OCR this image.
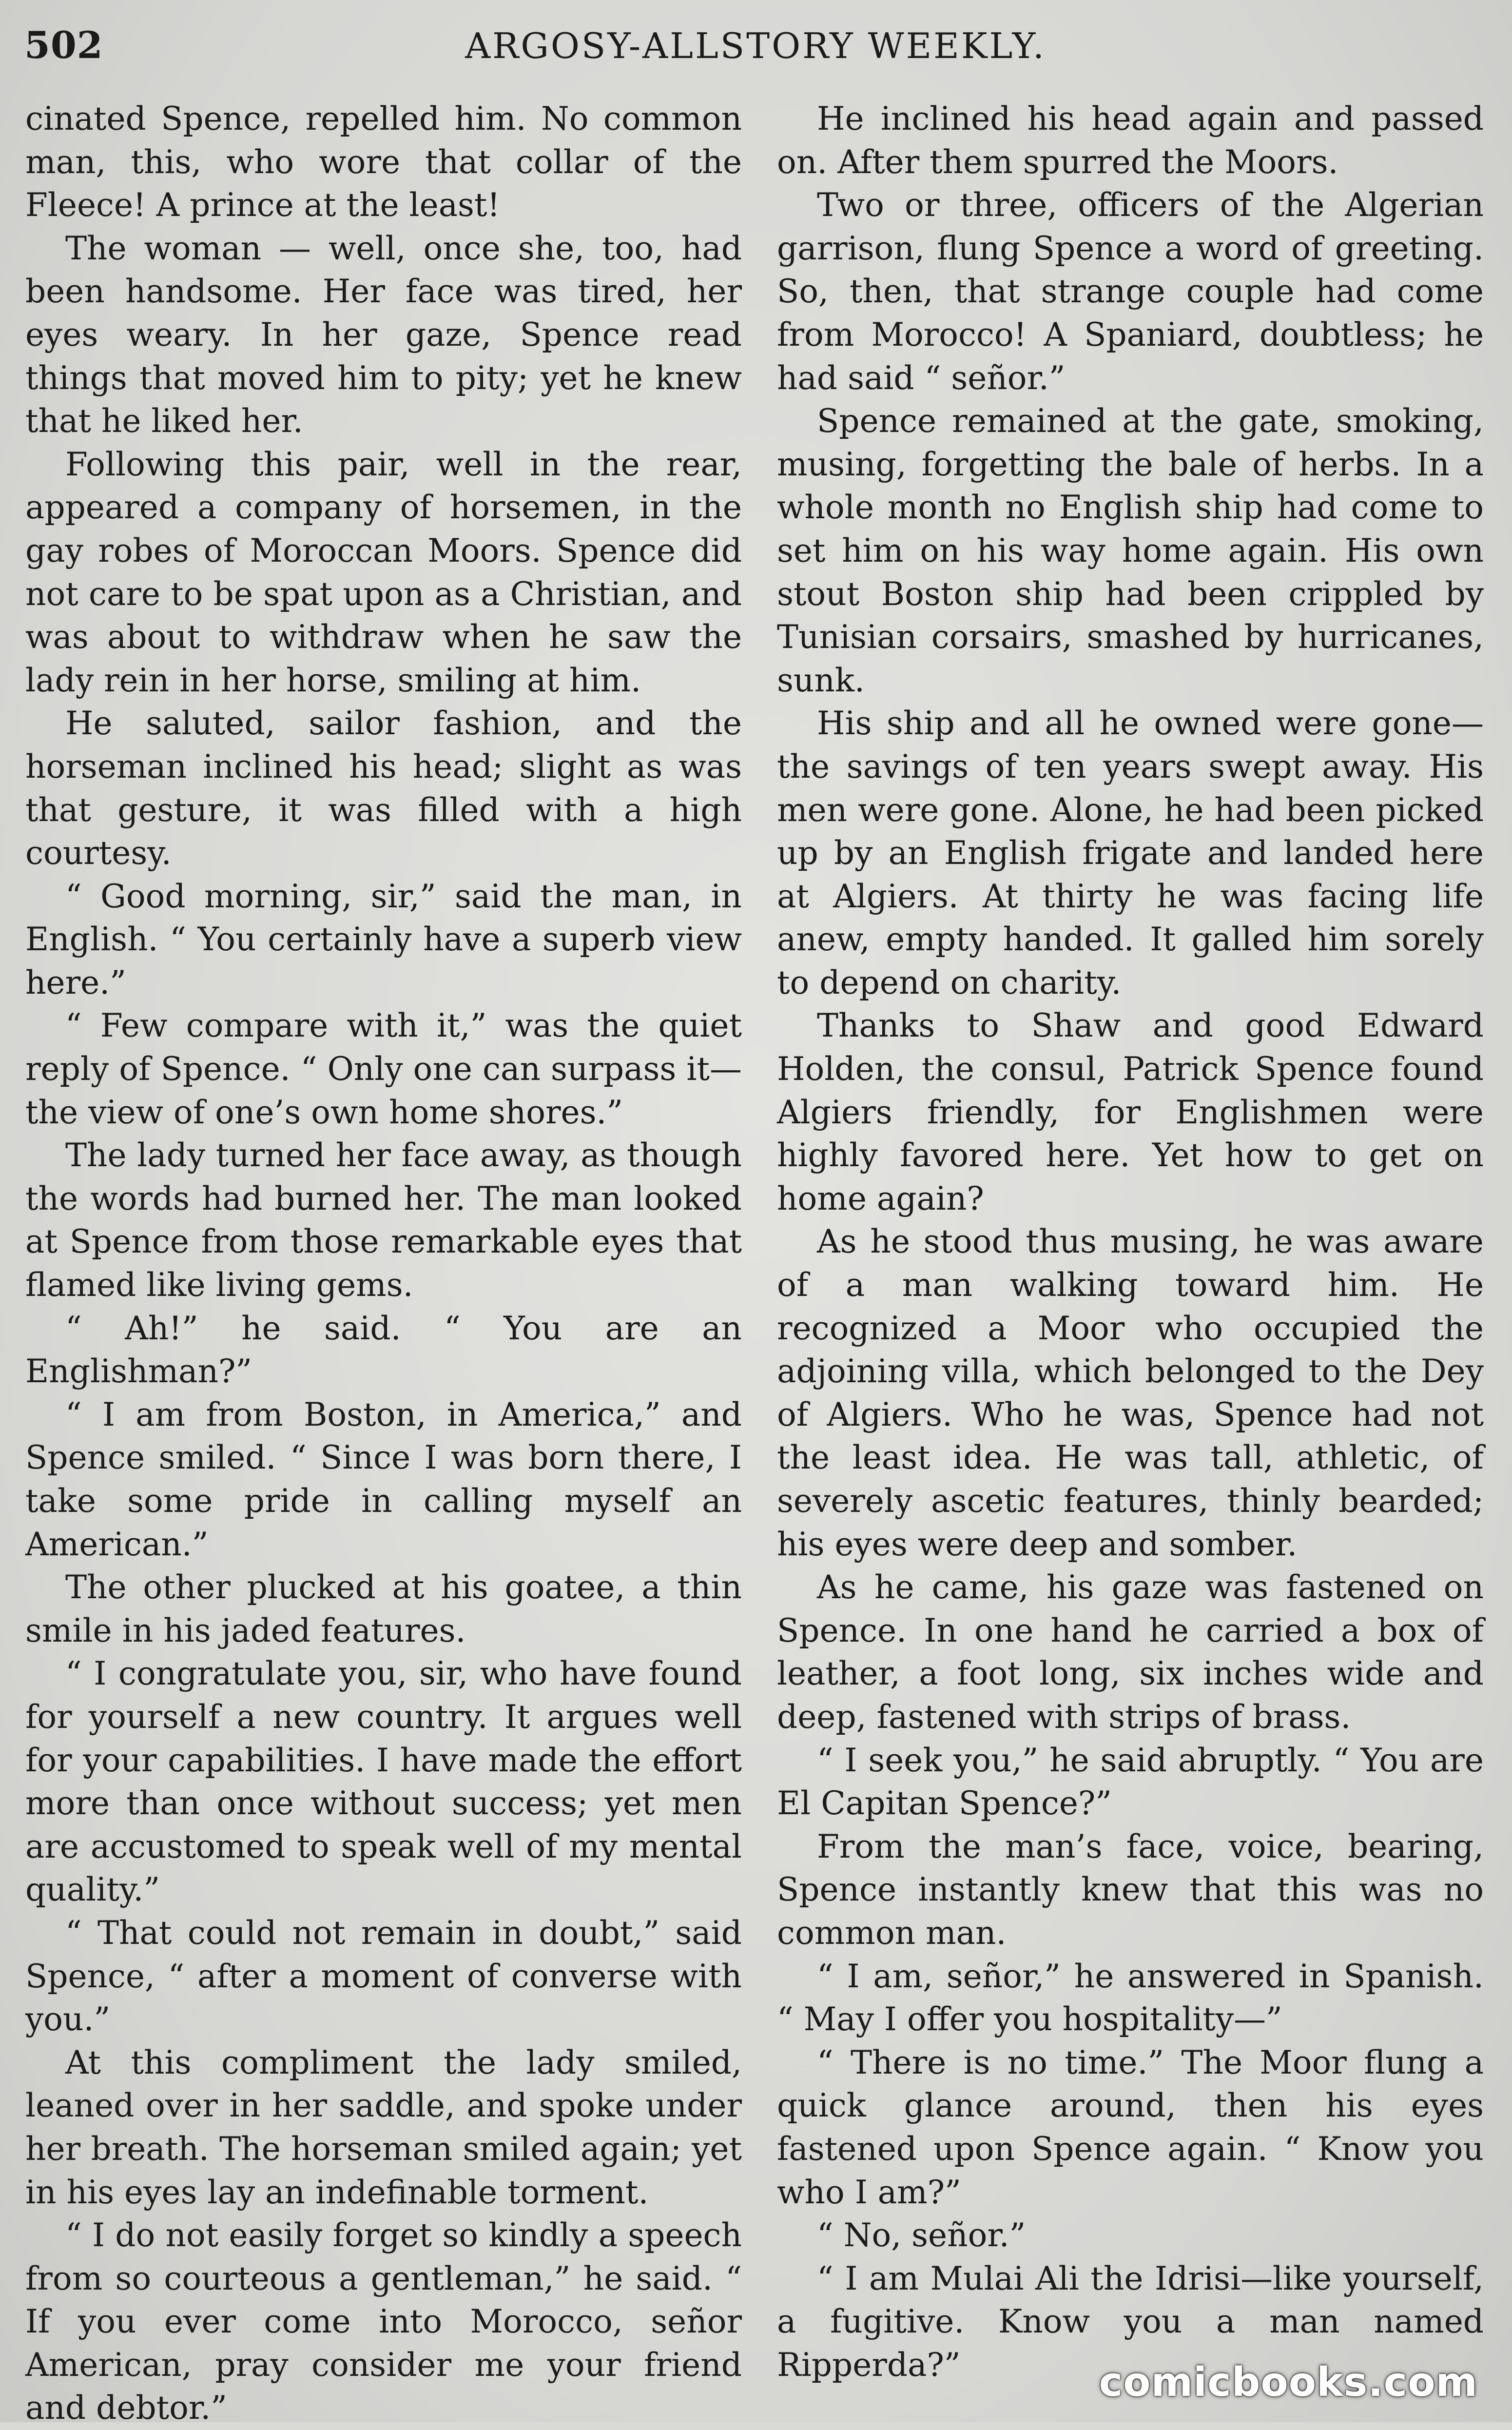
502	ARGOSY-ALLSTORY WEEKLY.

cinated Spence, repelled him. No common man, this, who wore that collar of the Fleece! A prince at the least!

The woman — well, once she, too, had been handsome. Her face was tired, her eyes weary. In her gaze, Spence read things that moved him to pity; yet he knew that he liked her.

Following this pair, well in the rear, appeared a company of horsemen, in the gay robes of Moroccan Moors. Spence did not care to be spat upon as a Christian, and was about to withdraw when he saw the lady rein in her horse, smiling at him.

He saluted, sailor fashion, and the horseman inclined his head; slight as was that gesture, it was filled with a high courtesy.

“ Good morning, sir,” said the man, in English. “ You certainly have a superb view here.”

“ Few compare with it,” was the quiet reply of Spence. “ Only one can surpass it—the view of one’s own home shores.”

The lady turned her face away, as though the words had burned her. The man looked at Spence from those remarkable eyes that flamed like living gems.

“ Ah!” he said. “ You are an Englishman?”

“ I am from Boston, in America,” and Spence smiled. “ Since I was born there, I take some pride in calling myself an American.”

The other plucked at his goatee, a thin smile in his jaded features.

“ I congratulate you, sir, who have found for yourself a new country. It argues well for your capabilities. I have made the effort more than once without success; yet men are accustomed to speak well of my mental quality.”

“ That could not remain in doubt,” said Spence, “ after a moment of converse with you.”

At this compliment the lady smiled, leaned over in her saddle, and spoke under her breath. The horseman smiled again; yet in his eyes lay an indefinable torment.

“ I do not easily forget so kindly a speech from so courteous a gentleman,” he said. “ If you ever come into Morocco, señor American, pray consider me your friend and debtor.”

He inclined his head again and passed on. After them spurred the Moors.

Two or three, officers of the Algerian garrison, flung Spence a word of greeting. So, then, that strange couple had come from Morocco! A Spaniard, doubtless; he had said “ señor.”

Spence remained at the gate, smoking, musing, forgetting the bale of herbs. In a whole month no English ship had come to set him on his way home again. His own stout Boston ship had been crippled by Tunisian corsairs, smashed by hurricanes, sunk.

His ship and all he owned were gone—the savings of ten years swept away. His men were gone. Alone, he had been picked up by an English frigate and landed here at Algiers. At thirty he was facing life anew, empty handed. It galled him sorely to depend on charity.

Thanks to Shaw and good Edward Holden, the consul, Patrick Spence found Algiers friendly, for Englishmen were highly favored here. Yet how to get on home again?

As he stood thus musing, he was aware of a man walking toward him. He recognized a Moor who occupied the adjoining villa, which belonged to the Dey of Algiers. Who he was, Spence had not the least idea. He was tall, athletic, of severely ascetic features, thinly bearded; his eyes were deep and somber.

As he came, his gaze was fastened on Spence. In one hand he carried a box of leather, a foot long, six inches wide and deep, fastened with strips of brass.

“ I seek you,” he said abruptly. “ You are El Capitan Spence?”

From the man’s face, voice, bearing, Spence instantly knew that this was no common man.

“ I am, señor,” he answered in Spanish. “ May I offer you hospitality—”

“ There is no time.” The Moor flung a quick glance around, then his eyes fastened upon Spence again. “ Know you who I am?”

“ No, señor.”

“ I am Mulai Ali the Idrisi—like yourself, a fugitive. Know you a man named Ripperda?”	comicbooks.com
